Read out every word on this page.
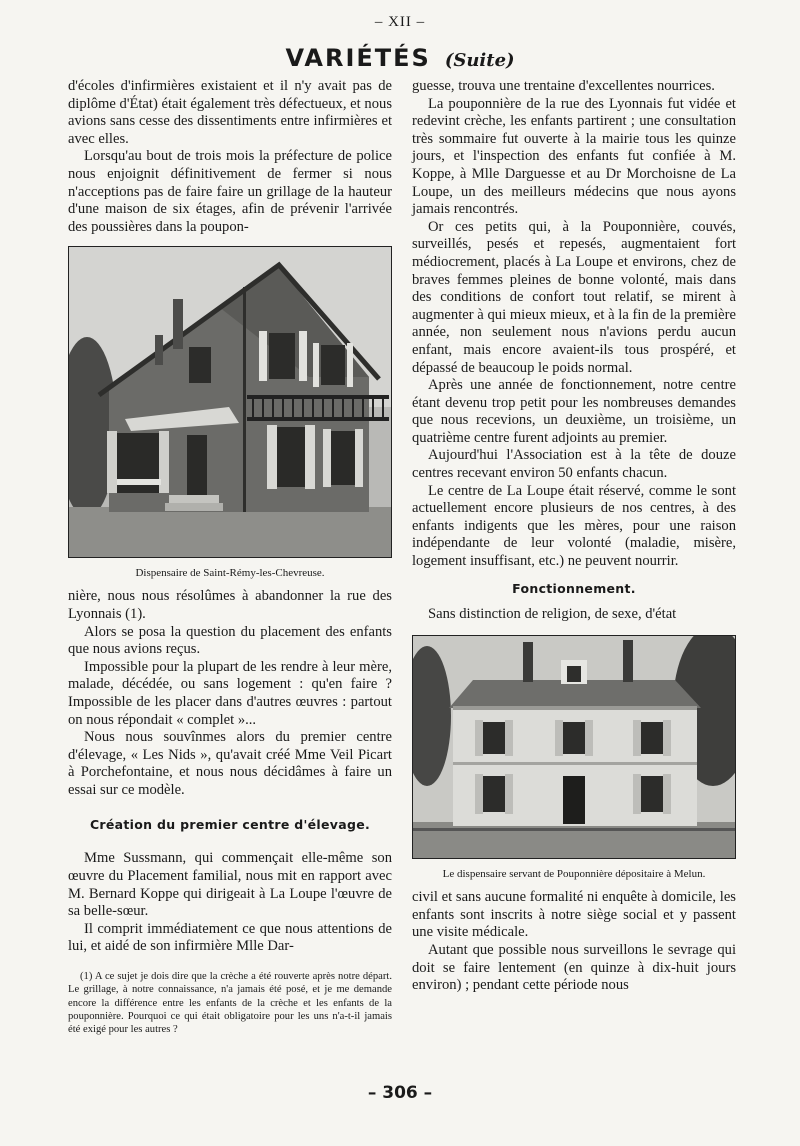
– XII –
VARIÉTÉS (Suite)

d'écoles d'infirmières existaient et il n'y avait pas de diplôme d'État) était également très défectueux, et nous avions sans cesse des dissentiments entre infirmières et avec elles.

Lorsqu'au bout de trois mois la préfecture de police nous enjoignit définitivement de fermer si nous n'acceptions pas de faire faire un grillage de la hauteur d'une maison de six étages, afin de prévenir l'arrivée des poussières dans la poupon-

Dispensaire de Saint-Rémy-les-Chevreuse.

nière, nous nous résolûmes à abandonner la rue des Lyonnais (1).

Alors se posa la question du placement des enfants que nous avions reçus.

Impossible pour la plupart de les rendre à leur mère, malade, décédée, ou sans logement : qu'en faire ? Impossible de les placer dans d'autres œuvres : partout on nous répondait « complet »...

Nous nous souvînmes alors du premier centre d'élevage, « Les Nids », qu'avait créé Mme Veil Picart à Porchefontaine, et nous nous décidâmes à faire un essai sur ce modèle.

Création du premier centre d'élevage.

Mme Sussmann, qui commençait elle-même son œuvre du Placement familial, nous mit en rapport avec M. Bernard Koppe qui dirigeait à La Loupe l'œuvre de sa belle-sœur.

Il comprit immédiatement ce que nous attentions de lui, et aidé de son infirmière Mlle Dar-

(1) A ce sujet je dois dire que la crèche a été rouverte après notre départ. Le grillage, à notre connaissance, n'a jamais été posé, et je me demande encore la différence entre les enfants de la crèche et les enfants de la pouponnière. Pourquoi ce qui était obligatoire pour les uns n'a-t-il jamais été exigé pour les autres ?

guesse, trouva une trentaine d'excellentes nourrices.

La pouponnière de la rue des Lyonnais fut vidée et redevint crèche, les enfants partirent ; une consultation très sommaire fut ouverte à la mairie tous les quinze jours, et l'inspection des enfants fut confiée à M. Koppe, à Mlle Darguesse et au Dr Morchoisne de La Loupe, un des meilleurs médecins que nous ayons jamais rencontrés.

Or ces petits qui, à la Pouponnière, couvés, surveillés, pesés et repesés, augmentaient fort médiocrement, placés à La Loupe et environs, chez de braves femmes pleines de bonne volonté, mais dans des conditions de confort tout relatif, se mirent à augmenter à qui mieux mieux, et à la fin de la première année, non seulement nous n'avions perdu aucun enfant, mais encore avaient-ils tous prospéré, et dépassé de beaucoup le poids normal.

Après une année de fonctionnement, notre centre étant devenu trop petit pour les nombreuses demandes que nous recevions, un deuxième, un troisième, un quatrième centre furent adjoints au premier.

Aujourd'hui l'Association est à la tête de douze centres recevant environ 50 enfants chacun.

Le centre de La Loupe était réservé, comme le sont actuellement encore plusieurs de nos centres, à des enfants indigents que les mères, pour une raison indépendante de leur volonté (maladie, misère, logement insuffisant, etc.) ne peuvent nourrir.

Fonctionnement.

Sans distinction de religion, de sexe, d'état

Le dispensaire servant de Pouponnière dépositaire à Melun.

civil et sans aucune formalité ni enquête à domicile, les enfants sont inscrits à notre siège social et y passent une visite médicale.

Autant que possible nous surveillons le sevrage qui doit se faire lentement (en quinze à dix-huit jours environ) ; pendant cette période nous

– 306 –
